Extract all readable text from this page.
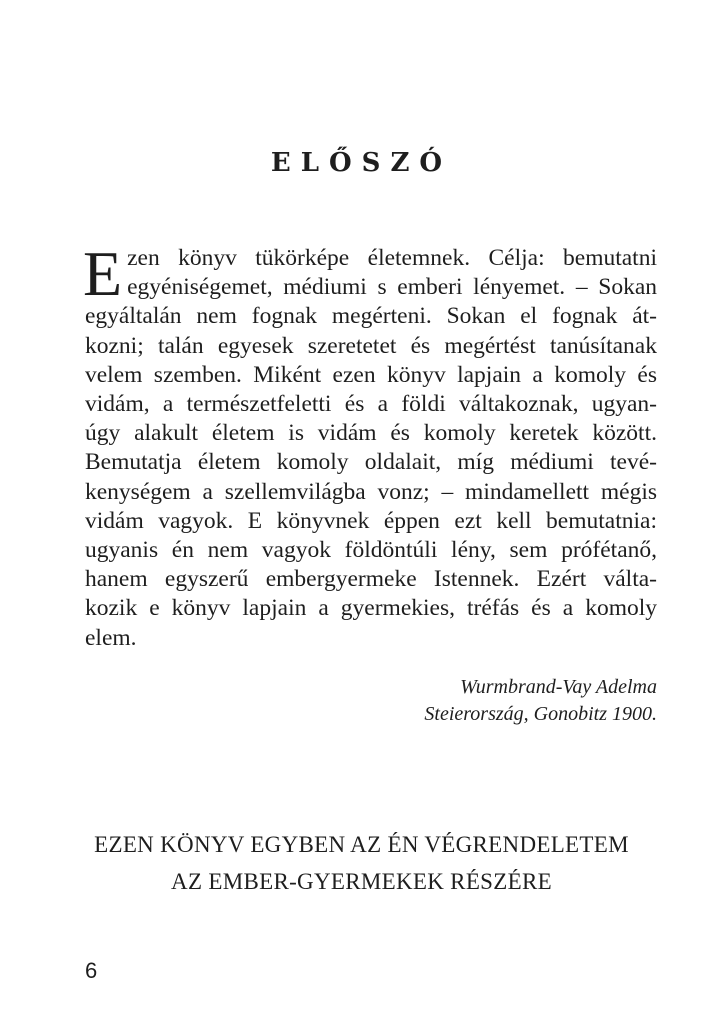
ELŐSZÓ
E zen könyv tükörképe életemnek. Célja: bemutatni
egyéniségemet, médiumi s emberi lényemet. – Sokan
egyáltalán nem fognak megérteni. Sokan el fognak át-
kozni; talán egyesek szeretetet és megértést tanúsítanak
velem szemben. Miként ezen könyv lapjain a komoly és
vidám, a természetfeletti és a földi váltakoznak, ugyan-
úgy alakult életem is vidám és komoly keretek között.
Bemutatja életem komoly oldalait, míg médiumi tevé-
kenységem a szellemvilágba vonz; – mindamellett mégis
vidám vagyok. E könyvnek éppen ezt kell bemutatnia:
ugyanis én nem vagyok földöntúli lény, sem prófétanő,
hanem egyszerű embergyermeke Istennek. Ezért válta-
kozik e könyv lapjain a gyermekies, tréfás és a komoly
elem.
Wurmbrand-Vay Adelma
Steierország, Gonobitz 1900.
EZEN KÖNYV EGYBEN AZ ÉN VÉGRENDELETEM
AZ EMBER-GYERMEKEK RÉSZÉRE
6
